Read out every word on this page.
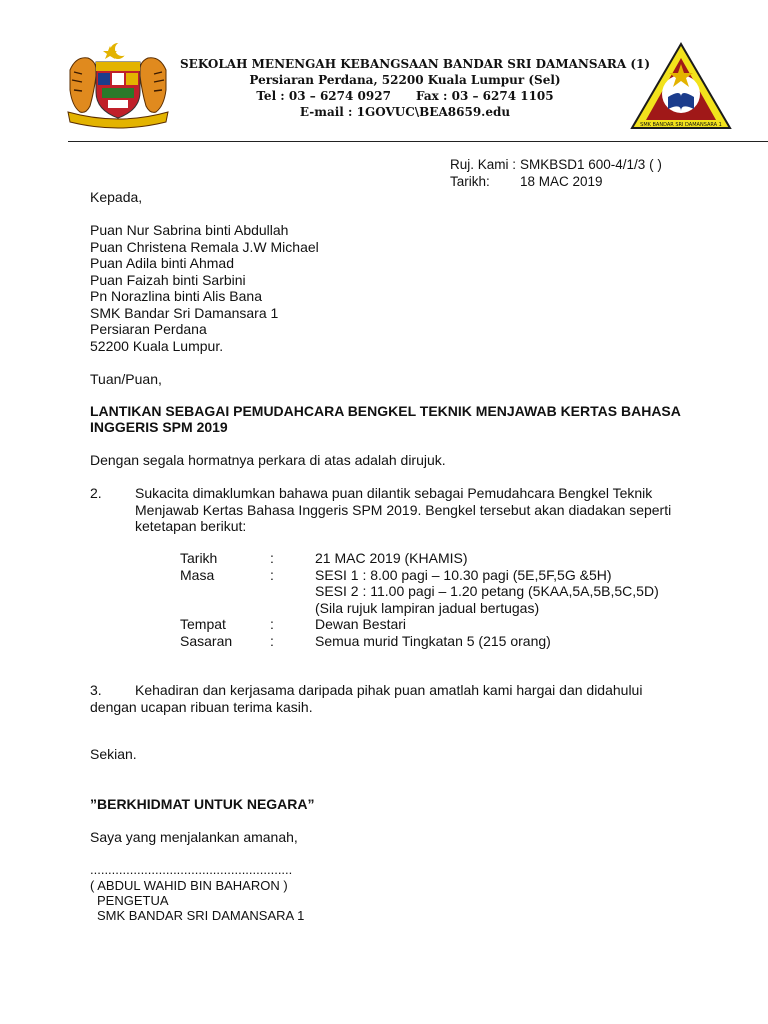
SEKOLAH MENENGAH KEBANGSAAN BANDAR SRI DAMANSARA (1)
Persiaran Perdana, 52200 Kuala Lumpur (Sel)
Tel : 03 – 6274 0927 Fax : 03 – 6274 1105
E-mail : 1GOVUC\BEA8659.edu
SMK BANDAR SRI DAMANSARA 1
Ruj. Kami : SMKBSD1 600-4/1/3 ( )
Tarikh: 18 MAC 2019
Kepada,
Puan Nur Sabrina binti Abdullah
Puan Christena Remala J.W Michael
Puan Adila binti Ahmad
Puan Faizah binti Sarbini
Pn Norazlina binti Alis Bana
SMK Bandar Sri Damansara 1
Persiaran Perdana
52200 Kuala Lumpur.
Tuan/Puan,
LANTIKAN SEBAGAI PEMUDAHCARA BENGKEL TEKNIK MENJAWAB KERTAS BAHASA
INGGERIS SPM 2019
Dengan segala hormatnya perkara di atas adalah dirujuk.
2. Sukacita dimaklumkan bahawa puan dilantik sebagai Pemudahcara Bengkel Teknik
Menjawab Kertas Bahasa Inggeris SPM 2019. Bengkel tersebut akan diadakan seperti
ketetapan berikut:
Tarikh	:	21 MAC 2019 (KHAMIS)
Masa	:	SESI 1 : 8.00 pagi – 10.30 pagi (5E,5F,5G &5H)
SESI 2 : 11.00 pagi – 1.20 petang (5KAA,5A,5B,5C,5D)
(Sila rujuk lampiran jadual bertugas)
Tempat	:	Dewan Bestari
Sasaran	:	Semua murid Tingkatan 5 (215 orang)
3. Kehadiran dan kerjasama daripada pihak puan amatlah kami hargai dan didahului
dengan ucapan ribuan terima kasih.
Sekian.
”BERKHIDMAT UNTUK NEGARA”
Saya yang menjalankan amanah,
........................................................
( ABDUL WAHID BIN BAHARON )
PENGETUA
SMK BANDAR SRI DAMANSARA 1
